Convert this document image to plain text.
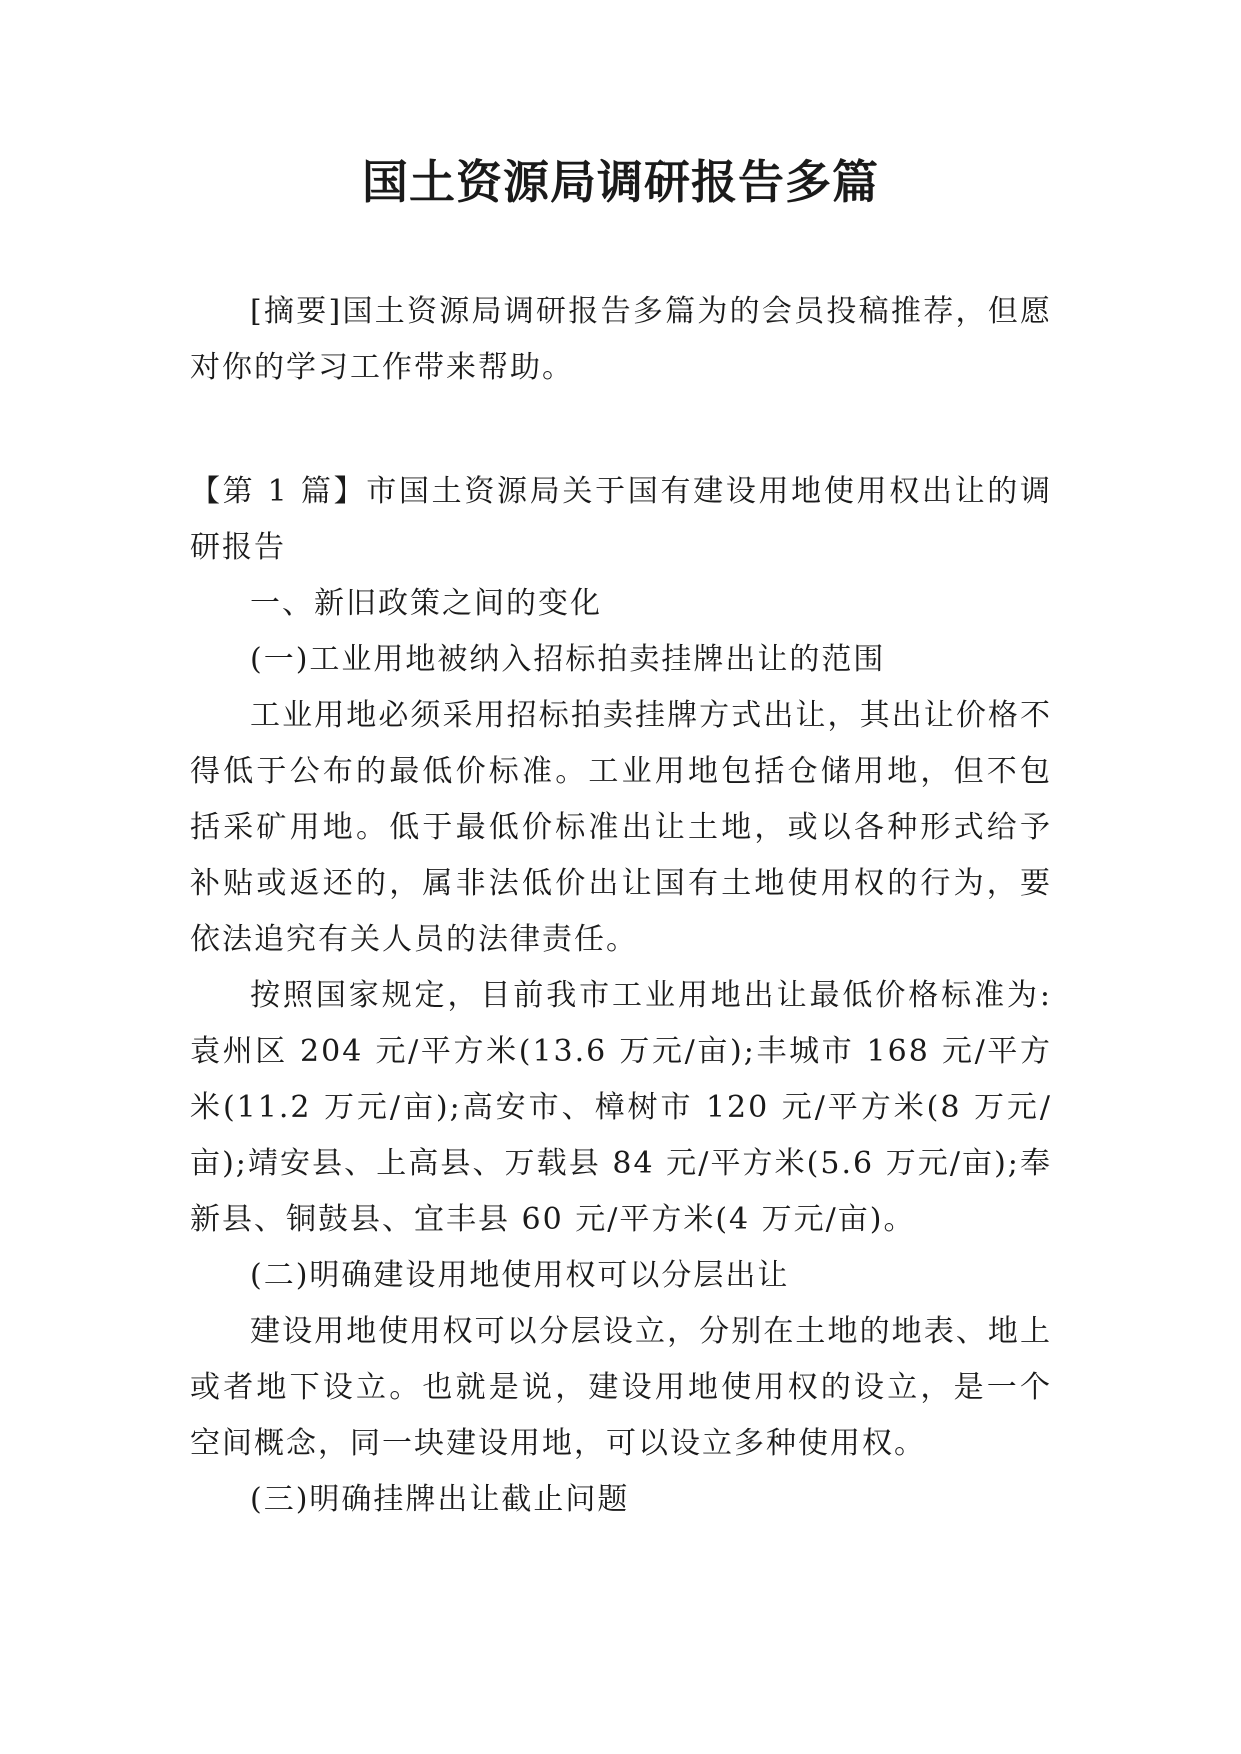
国土资源局调研报告多篇

[摘要]国土资源局调研报告多篇为的会员投稿推荐，但愿对你的学习工作带来帮助。

【第 1 篇】市国土资源局关于国有建设用地使用权出让的调研报告

一、新旧政策之间的变化

(一)工业用地被纳入招标拍卖挂牌出让的范围

工业用地必须采用招标拍卖挂牌方式出让，其出让价格不得低于公布的最低价标准。工业用地包括仓储用地，但不包括采矿用地。低于最低价标准出让土地，或以各种形式给予补贴或返还的，属非法低价出让国有土地使用权的行为，要依法追究有关人员的法律责任。

按照国家规定，目前我市工业用地出让最低价格标准为:袁州区 204 元/平方米(13.6 万元/亩);丰城市 168 元/平方米(11.2 万元/亩);高安市、樟树市 120 元/平方米(8 万元/亩);靖安县、上高县、万载县 84 元/平方米(5.6 万元/亩);奉新县、铜鼓县、宜丰县 60 元/平方米(4 万元/亩)。

(二)明确建设用地使用权可以分层出让

建设用地使用权可以分层设立，分别在土地的地表、地上或者地下设立。也就是说，建设用地使用权的设立，是一个空间概念，同一块建设用地，可以设立多种使用权。

(三)明确挂牌出让截止问题
